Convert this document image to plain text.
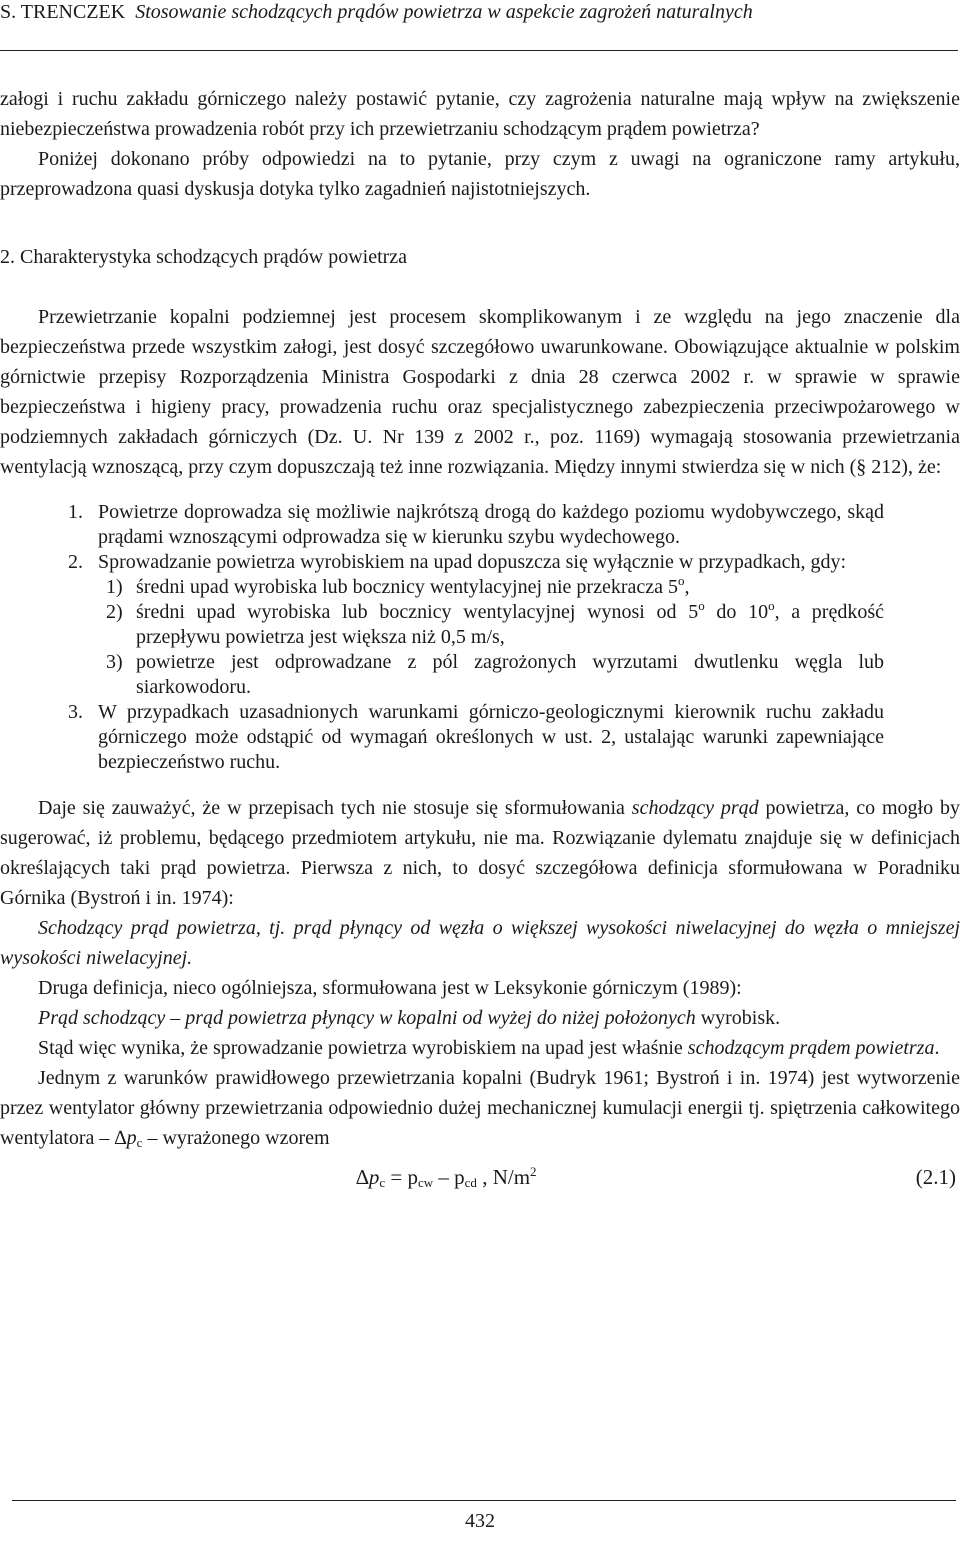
S. TRENCZEK Stosowanie schodzących prądów powietrza w aspekcie zagrożeń naturalnych

załogi i ruchu zakładu górniczego należy postawić pytanie, czy zagrożenia naturalne mają wpływ na zwiększenie niebezpieczeństwa prowadzenia robót przy ich przewietrzaniu schodzącym prądem powietrza?

Poniżej dokonano próby odpowiedzi na to pytanie, przy czym z uwagi na ograniczone ramy artykułu, przeprowadzona quasi dyskusja dotyka tylko zagadnień najistotniejszych.

2. Charakterystyka schodzących prądów powietrza

Przewietrzanie kopalni podziemnej jest procesem skomplikowanym i ze względu na jego znaczenie dla bezpieczeństwa przede wszystkim załogi, jest dosyć szczegółowo uwarunkowane. Obowiązujące aktualnie w polskim górnictwie przepisy Rozporządzenia Ministra Gospodarki z dnia 28 czerwca 2002 r. w sprawie w sprawie bezpieczeństwa i higieny pracy, prowadzenia ruchu oraz specjalistycznego zabezpieczenia przeciwpożarowego w podziemnych zakładach górniczych (Dz. U. Nr 139 z 2002 r., poz. 1169) wymagają stosowania przewietrzania wentylacją wznoszącą, przy czym dopuszczają też inne rozwiązania. Między innymi stwierdza się w nich (§ 212), że:

1. Powietrze doprowadza się możliwie najkrótszą drogą do każdego poziomu wydobywczego, skąd prądami wznoszącymi odprowadza się w kierunku szybu wydechowego.
2. Sprowadzanie powietrza wyrobiskiem na upad dopuszcza się wyłącznie w przypadkach, gdy:
1) średni upad wyrobiska lub bocznicy wentylacyjnej nie przekracza 5$^o$,
2) średni upad wyrobiska lub bocznicy wentylacyjnej wynosi od 5$^o$ do 10$^o$, a prędkość przepływu powietrza jest większa niż 0,5 m/s,
3) powietrze jest odprowadzane z pól zagrożonych wyrzutami dwutlenku węgla lub siarkowodoru.
3. W przypadkach uzasadnionych warunkami górniczo-geologicznymi kierownik ruchu zakładu górniczego może odstąpić od wymagań określonych w ust. 2, ustalając warunki zapewniające bezpieczeństwo ruchu.

Daje się zauważyć, że w przepisach tych nie stosuje się sformułowania schodzący prąd powietrza, co mogło by sugerować, iż problemu, będącego przedmiotem artykułu, nie ma. Rozwiązanie dylematu znajduje się w definicjach określających taki prąd powietrza. Pierwsza z nich, to dosyć szczegółowa definicja sformułowana w Poradniku Górnika (Bystroń i in. 1974):

Schodzący prąd powietrza, tj. prąd płynący od węzła o większej wysokości niwelacyjnej do węzła o mniejszej wysokości niwelacyjnej.

Druga definicja, nieco ogólniejsza, sformułowana jest w Leksykonie górniczym (1989):

Prąd schodzący – prąd powietrza płynący w kopalni od wyżej do niżej położonych wyrobisk.

Stąd więc wynika, że sprowadzanie powietrza wyrobiskiem na upad jest właśnie schodzącym prądem powietrza.

Jednym z warunków prawidłowego przewietrzania kopalni (Budryk 1961; Bystroń i in. 1974) jest wytworzenie przez wentylator główny przewietrzania odpowiednio dużej mechanicznej kumulacji energii tj. spiętrzenia całkowitego wentylatora – $\Delta p_c$ – wyrażonego wzorem

$\Delta p_c = p_{cw} - p_{cd}$ , $N/m^2$	(2.1)
432
